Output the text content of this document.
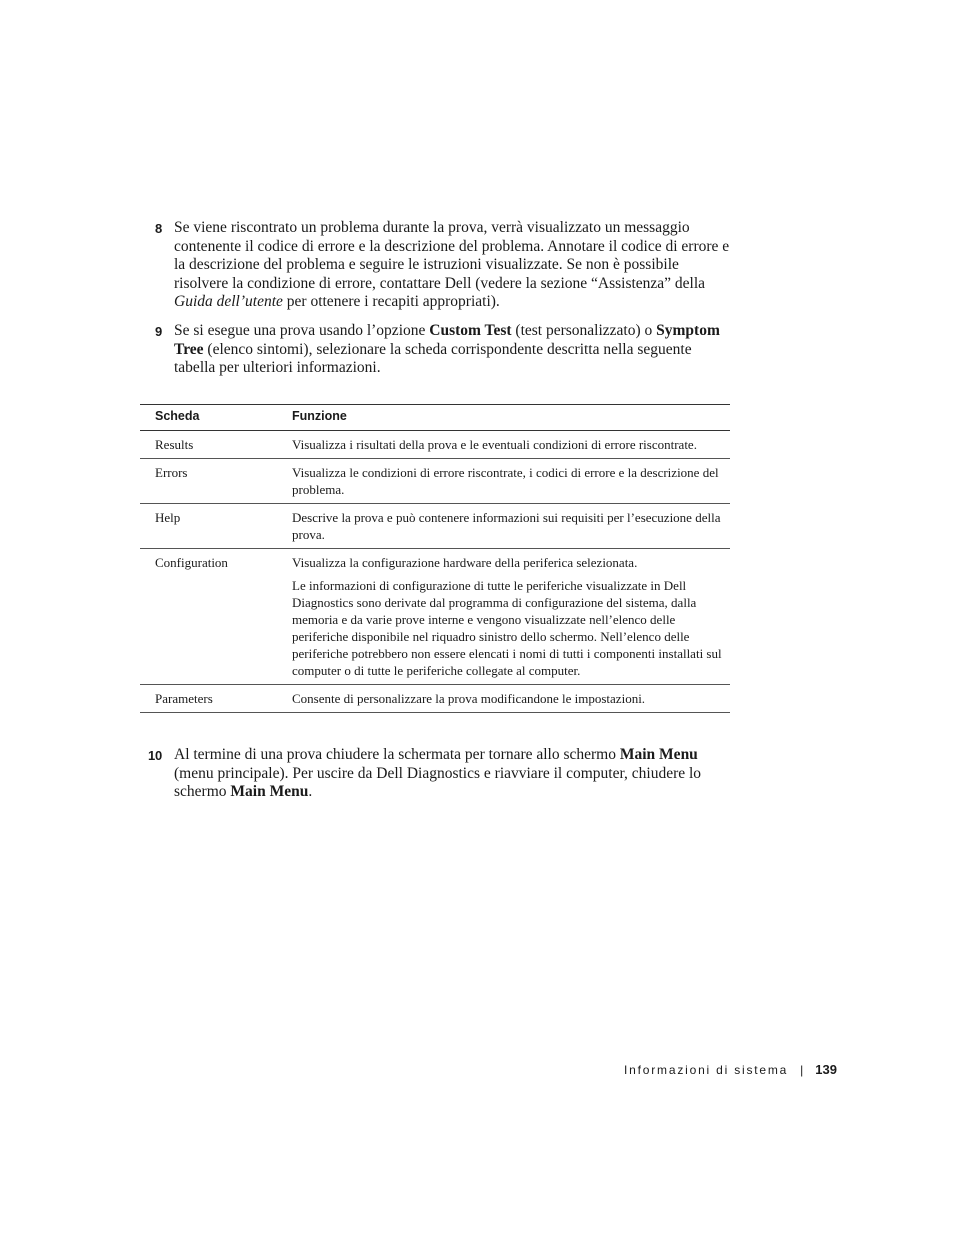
8 Se viene riscontrato un problema durante la prova, verrà visualizzato un messaggio contenente il codice di errore e la descrizione del problema. Annotare il codice di errore e la descrizione del problema e seguire le istruzioni visualizzate. Se non è possibile risolvere la condizione di errore, contattare Dell (vedere la sezione “Assistenza” della Guida dell’utente per ottenere i recapiti appropriati).
9 Se si esegue una prova usando l’opzione Custom Test (test personalizzato) o Symptom Tree (elenco sintomi), selezionare la scheda corrispondente descritta nella seguente tabella per ulteriori informazioni.
Scheda	Funzione
Results	Visualizza i risultati della prova e le eventuali condizioni di errore riscontrate.

Errors	Visualizza le condizioni di errore riscontrate, i codici di errore e la descrizione del problema.

Help	Descrive la prova e può contenere informazioni sui requisiti per l’esecuzione della prova.

Configuration	Visualizza la configurazione hardware della periferica selezionata.

Le informazioni di configurazione di tutte le periferiche visualizzate in Dell Diagnostics sono derivate dal programma di configurazione del sistema, dalla memoria e da varie prove interne e vengono visualizzate nell’elenco delle periferiche disponibile nel riquadro sinistro dello schermo. Nell’elenco delle periferiche potrebbero non essere elencati i nomi di tutti i componenti installati sul computer o di tutte le periferiche collegate al computer.

Parameters	Consente di personalizzare la prova modificandone le impostazioni.

10 Al termine di una prova chiudere la schermata per tornare allo schermo Main Menu (menu principale). Per uscire da Dell Diagnostics e riavviare il computer, chiudere lo schermo Main Menu.
Informazioni di sistema | 139
